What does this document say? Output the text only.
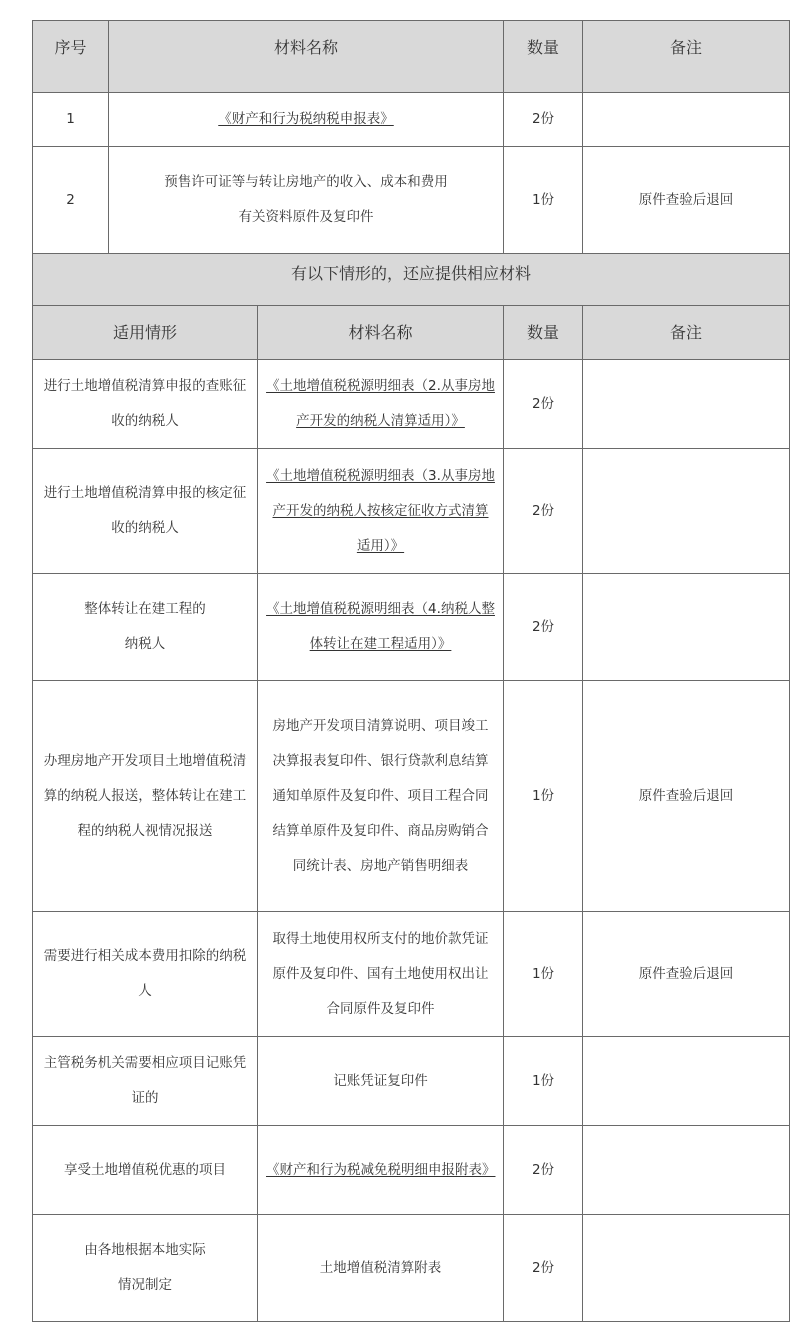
序号	材料名称		数量	备注
1	《财产和行为税纳税申报表》		2份	
2	预售许可证等与转让房地产的收入、成本和费用
有关资料原件及复印件		1份	原件查验后退回
有以下情形的，还应提供相应材料				
适用情形		材料名称	数量	备注
进行土地增值税清算申报的查账征收的纳税人		《土地增值税税源明细表（2.从事房地产开发的纳税人清算适用）》	2份	
进行土地增值税清算申报的核定征收的纳税人		《土地增值税税源明细表（3.从事房地产开发的纳税人按核定征收方式清算适用）》	2份	

整体转让在建工程的
纳税人		《土地增值税税源明细表（4.纳税人整体转让在建工程适用）》	2份	
办理房地产开发项目土地增值税清算的纳税人报送，整体转让在建工程的纳税人视情况报送		房地产开发项目清算说明、项目竣工决算报表复印件、银行贷款利息结算通知单原件及复印件、项目工程合同结算单原件及复印件、商品房购销合同统计表、房地产销售明细表	1份	原件查验后退回
需要进行相关成本费用扣除的纳税人		取得土地使用权所支付的地价款凭证原件及复印件、国有土地使用权出让合同原件及复印件	1份	原件查验后退回
主管税务机关需要相应项目记账凭证的		记账凭证复印件	1份	
享受土地增值税优惠的项目		《财产和行为税减免税明细申报附表》	2份	

由各地根据本地实际
情况制定		土地增值税清算附表	2份	
